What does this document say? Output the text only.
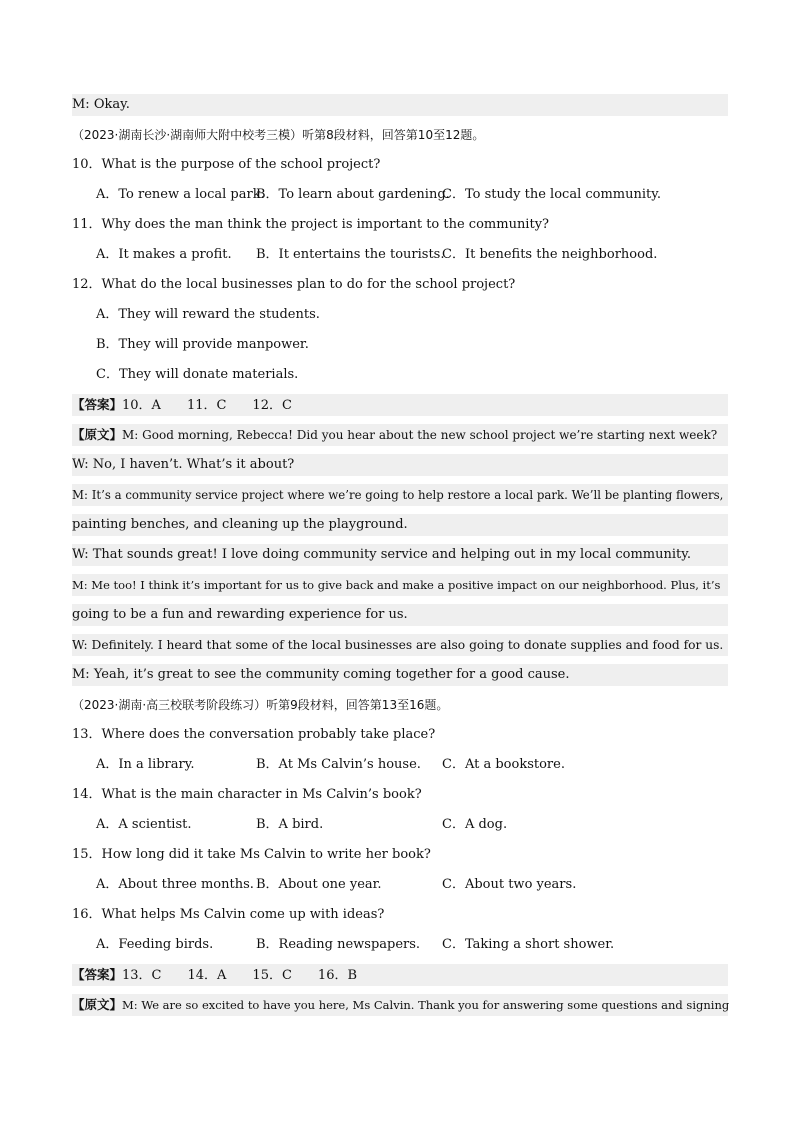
M: Okay.
（2023·湖南长沙·湖南师大附中校考三模）听第8段材料，回答第10至12题。
10．What is the purpose of the school project?
A．To renew a local park.
B．To learn about gardening.
C．To study the local community.
11．Why does the man think the project is important to the community?
A．It makes a profit. B．It entertains the tourists.
C．It benefits the neighborhood.
12．What do the local businesses plan to do for the school project?
A．They will reward the students.
B．They will provide manpower.
C．They will donate materials.
【答案】10．A　　11．C　　12．C
【原文】M: Good morning, Rebecca! Did you hear about the new school project we’re starting next week?
W: No, I haven’t. What’s it about?
M: It’s a community service project where we’re going to help restore a local park. We’ll be planting flowers,
painting benches, and cleaning up the playground.
W: That sounds great! I love doing community service and helping out in my local community.
M: Me too! I think it’s important for us to give back and make a positive impact on our neighborhood. Plus, it’s
going to be a fun and rewarding experience for us.
W: Definitely. I heard that some of the local businesses are also going to donate supplies and food for us.
M: Yeah, it’s great to see the community coming together for a good cause.
（2023·湖南·高三校联考阶段练习）听第9段材料，回答第13至16题。
13．Where does the conversation probably take place?
A．In a library.	B．At Ms Calvin’s house. C．At a bookstore.
14．What is the main character in Ms Calvin’s book?
A．A scientist.	B．A bird.	C．A dog.
15．How long did it take Ms Calvin to write her book?
A．About three months. B．About one year.	C．About two years.
16．What helps Ms Calvin come up with ideas?
A．Feeding birds.	B．Reading newspapers. C．Taking a short shower.
【答案】13．C　　14．A　　15．C　　16．B
【原文】M: We are so excited to have you here, Ms Calvin. Thank you for answering some questions and signing
